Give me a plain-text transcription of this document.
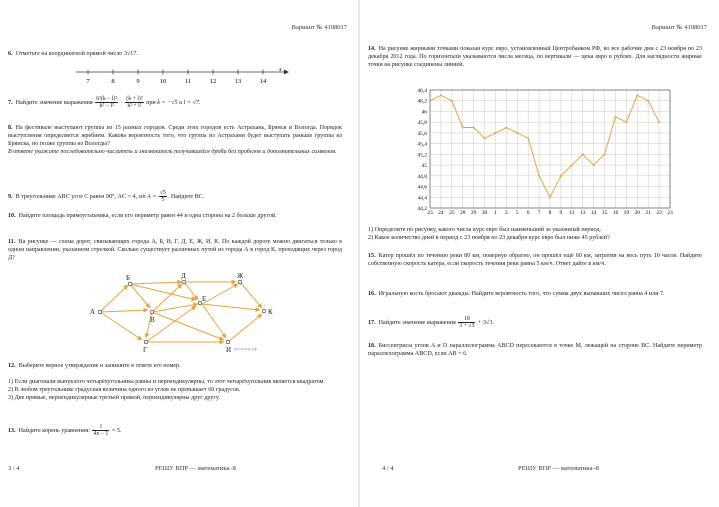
Вариант № 4108017
6. Отметьте на координатной прямой число 3√17.
7	8	9	10	11	12	13	14
x
7. Найдите значение выражения $\frac{\text{6²(k − l)²}}{\text{k² − l²}} \cdot \frac{\text{(k + l)²}}{\text{k² + l²}}$ при k = −√5 и l = √7.
8. На фестивале выступают группы из 15 разных городов. Среди этих городов есть Астрахань, Брянск и Вологда. Порядок выступления определяется жребием. Какова вероятность того, что группа из Астрахани будет выступать раньше группы из Брянска, но позже группы из Вологды?
В ответе укажите последовательно числитель и знаменатель получившейся дроби без пробелов и дополнительных символов.
9. В треугольнике ABC угол C равен 90°, AC = 4, $\sin A = \frac{√5}{5}$ . Найдите BC.
10. Найдите площадь прямоугольника, если его периметр равен 44 и одна сторона на 2 больше другой.
11. На рисунке — схема дорог, связывающих города А, Б, В, Г, Д, Е, Ж, И, К. По каждой дороге можно двигаться только в одном направлении, указанном стрелкой. Сколько существует различных путей из города А в город К, проходящих через город Д?
А
Б
В
Г
Д
Е
Ж
И
К
решувпр.рф
12. Выберите верное утверждение и запишите в ответе его номер.
1) Если диагонали выпуклого четырёхугольника равны и перпендикулярны, то этот четырёхугольник является квадратом.
2) В любом треугольнике градусная величина одного из углов не превышает 60 градусов.
3) Две прямые, перпендикулярные третьей прямой, перпендикулярны друг другу.
13. Найдите корень уравнения: $\frac{1}{4x - 1} = 5$.
3 / 4	РЕШУ ВПР — математика–8
Вариант № 4108017
14. На рисунке жирными точками показан курс евро, установленный Центробанком РФ, во все рабочие дни с 23 ноября по 23 декабря 2012 года. По горизонтали указываются числа месяца, по вертикали — цена евро в рублях. Для наглядности жирные точки на рисунке соединены линией.
44,2
44,4
44,6
44,8
45
45,2
45,4
45,6
45,8
46
46,2
46,4
23 24 25 28 29 30 1 2 5 6 7 8 9 12 13 14 15 16 19 20 21 22 23
1) Определите по рисунку, какого числа курс евро был наименьший за указанный период.
2) Какое количество дней в период с 23 ноября по 23 декабря курс евро был ниже 45 рублей?
15. Катер прошёл по течению реки 80 км, повернув обратно, он прошёл ещё 60 км, затратив на весь путь 10 часов. Найдите собственную скорость катера, если скорость течения реки равна 5 км/ч. Ответ дайте в км/ч.
16. Игральную кость бросают дважды. Найдите вероятность того, что сумма двух выпавших чисел равна 4 или 7.
17. Найдите значение выражения $\frac{18}{3 + √3} + 3√3$.
18. Биссектрисы углов A и D параллелограмма ABCD пересекаются в точке M, лежащей на стороне BC. Найдите периметр параллелограмма ABCD, если AB = 6.
4 / 4	РЕШУ ВПР — математика–8
